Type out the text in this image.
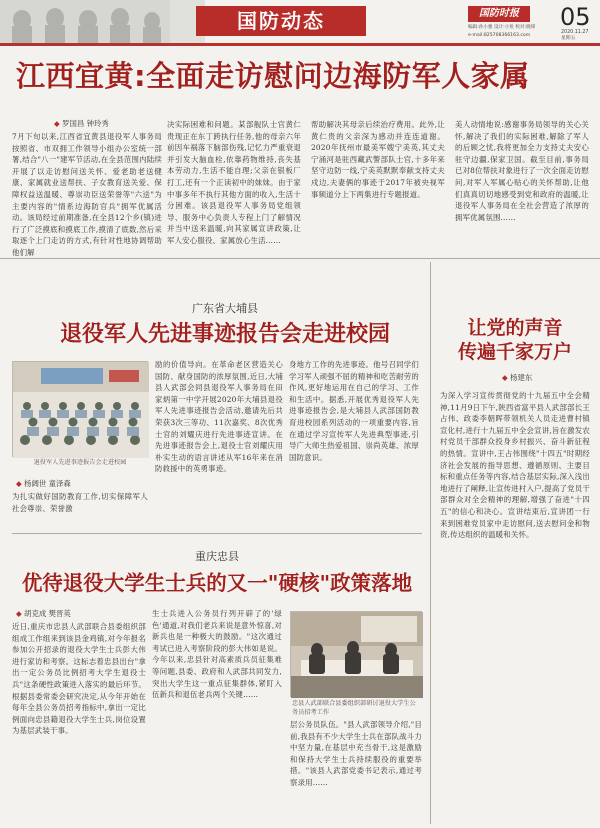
国防动态	国防时报
编辑:孙小强 设计:小鱼 校对:晓锋
e-mail:825708366163.com
05
2020.11.27
星期五
江西宜黄:全面走访慰问边海防军人家属
◆ 罗国昌 钟玲秀
7月下旬以来,江西省宜黄县退役军人事务局按照省、市双拥工作领导小组办公室统一部署,结合"八一"建军节活动,在全县范围内陆续开展了以走访慰问送关怀、爱老助老送健康、家属就业送帮扶、子女教育送关爱、保障权益送温暖、尊崇功臣送荣誉等"六送"为主要内容的"情系边海防官兵"拥军优属活动。该局经过前期准备,在全县12个乡(镇)进行了广泛摸底和摸底工作,摸清了底数,然后采取逐个上门走访的方式,有针对性地协调帮助他们解
决实际困难和问题。某部舰队士官黄仁贵现正在东丁跨执行任务,他的母亲六年前因车祸落下脑部伤残,记忆力严重衰退并引发大脑血栓,依靠药物维持,丧失基本劳动力,生活不能自理;父亲在银板厂打工,还有一个正读初中的妹妹。由于家中事多年不执行其他方面的收入,生活十分困难。该县退役军人事务局党组领导、服务中心负责人专程上门了解情况并当中送来温暖,向其家属宣讲政策,让军人安心服役、家属放心生活……
帮助解决其母亲后续治疗费用。此外,让黄仁贵的父亲深为感动并连连道谢。2020年抚州市最美军嫂宁美英,其丈夫宁涌河是驻西藏武警部队士官,十多年来坚守边防一线,宁美英默默奉献支持丈夫戍边,夫妻俩的事迹于2017年被央视军事频道分上下两集进行专题报道。
美人动情地说:感谢事务局领导的关心关怀,解决了我们的实际困难,解除了军人的后顾之忧,我将更加全力支持丈夫安心驻守边疆,保家卫国。截至目前,事务局已对8位帮扶对象进行了一次全面走访慰问,对军人军属心贴心的关怀帮助,让他们真真切切地感受到党和政府的温暖,让退役军人事务局在全社会营造了浓厚的拥军优属氛围……
广东省大埔县
退役军人先进事迹报告会走进校园
退役军人先进事迹报告会走进校园
◆ 杨阔世 童泽森
为扎实做好国防教育工作,切实保障军人社会尊崇、荣誉激
励的价值导向。在革命老区营造关心国防、献身国防的浓厚氛围,近日,大埔县人武部会同县退役军人事务局在田家炳第一中学开展2020年大埔县退役军人先进事迹报告会活动,邀请先后共荣获3次三等功、11次嘉奖、8次优秀士官的刘耀庆进行先进事迹宣讲。在先进事迹报告会上,退役士官刘耀庆用朴实生动的语言讲述从军16年来在消防救援中的英勇事迹。
身地方工作的先进事迹。他号召同学们学习军人顽强不屈的精神和吃苦耐劳的作风,更好地运用在自己的学习、工作和生活中。据悉,开展优秀退役军人先进事迹报告会,是大埔县人武部国防教育进校园系列活动的一项重要内容,旨在通过学习宣传军人先进典型事迹,引导广大师生热爱祖国、崇尚英雄、浓厚国防意识。
重庆忠县
优待退役大学生士兵的又一"硬核"政策落地
◆ 胡克成 樊晋英
近日,重庆市忠县人武部联合县委组织部组成工作组来到该县金鸡镇,对今年报名参加公开招录的退役大学生士兵彭大伟进行家访和考察。这标志着忠县出台"拿出一定公务员比例招考大学生退役士兵"这条硬性政策进入落实的最后环节。根据县委常委会研究决定,从今年开始在每年全县公务员招考指标中,拿出一定比例面向忠县籍退役大学生士兵,岗位设置为基层武装干事。
生士兵进入公务员行列开辟了的'绿色'通道,对我们老兵来说是意外惊喜,对新兵也是一种极大的鼓励。"这次通过考试已进入考察阶段的彭大伟如是说。今年以来,忠县针对高素质兵员征集难等问题,县委、政府和人武部共同发力,突出大学生这一重点征集群体,紧盯入伍新兵和退伍老兵两个关键……
忠县人武部联合县委组织部研讨退役大学生公务员招考工作
层公务员队伍。"县人武部领导介绍,"目前,我县有不少大学生士兵在部队战斗力中坚力量,在基层中充当骨干,这是激励和保持大学生士兵持续服役的重要举措。"该县人武部党委书记表示,通过考察录用……
让党的声音
传遍千家万户
◆ 杨建东
为深入学习宣传贯彻党的十九届五中全会精神,11月9日下午,陕西省富平县人武部部长王占伟、政委李朝晖带领机关人员走进曹村镇宣化村,进行十九届五中全会宣讲,旨在激发农村党员干部群众投身乡村振兴、奋斗新征程的热情。宣讲中,王占伟围绕"十四五"时期经济社会发展的指导思想、遵循原则、主要目标和重点任务等内容,结合基层实际,深入浅出地进行了阐释,让宣传进村入户,提高了党员干部群众对全会精神的理解,增强了奋进"十四五"的信心和决心。宣讲结束后,宣讲团一行来到困难党员家中走访慰问,送去慰问金和物资,传达组织的温暖和关怀。
